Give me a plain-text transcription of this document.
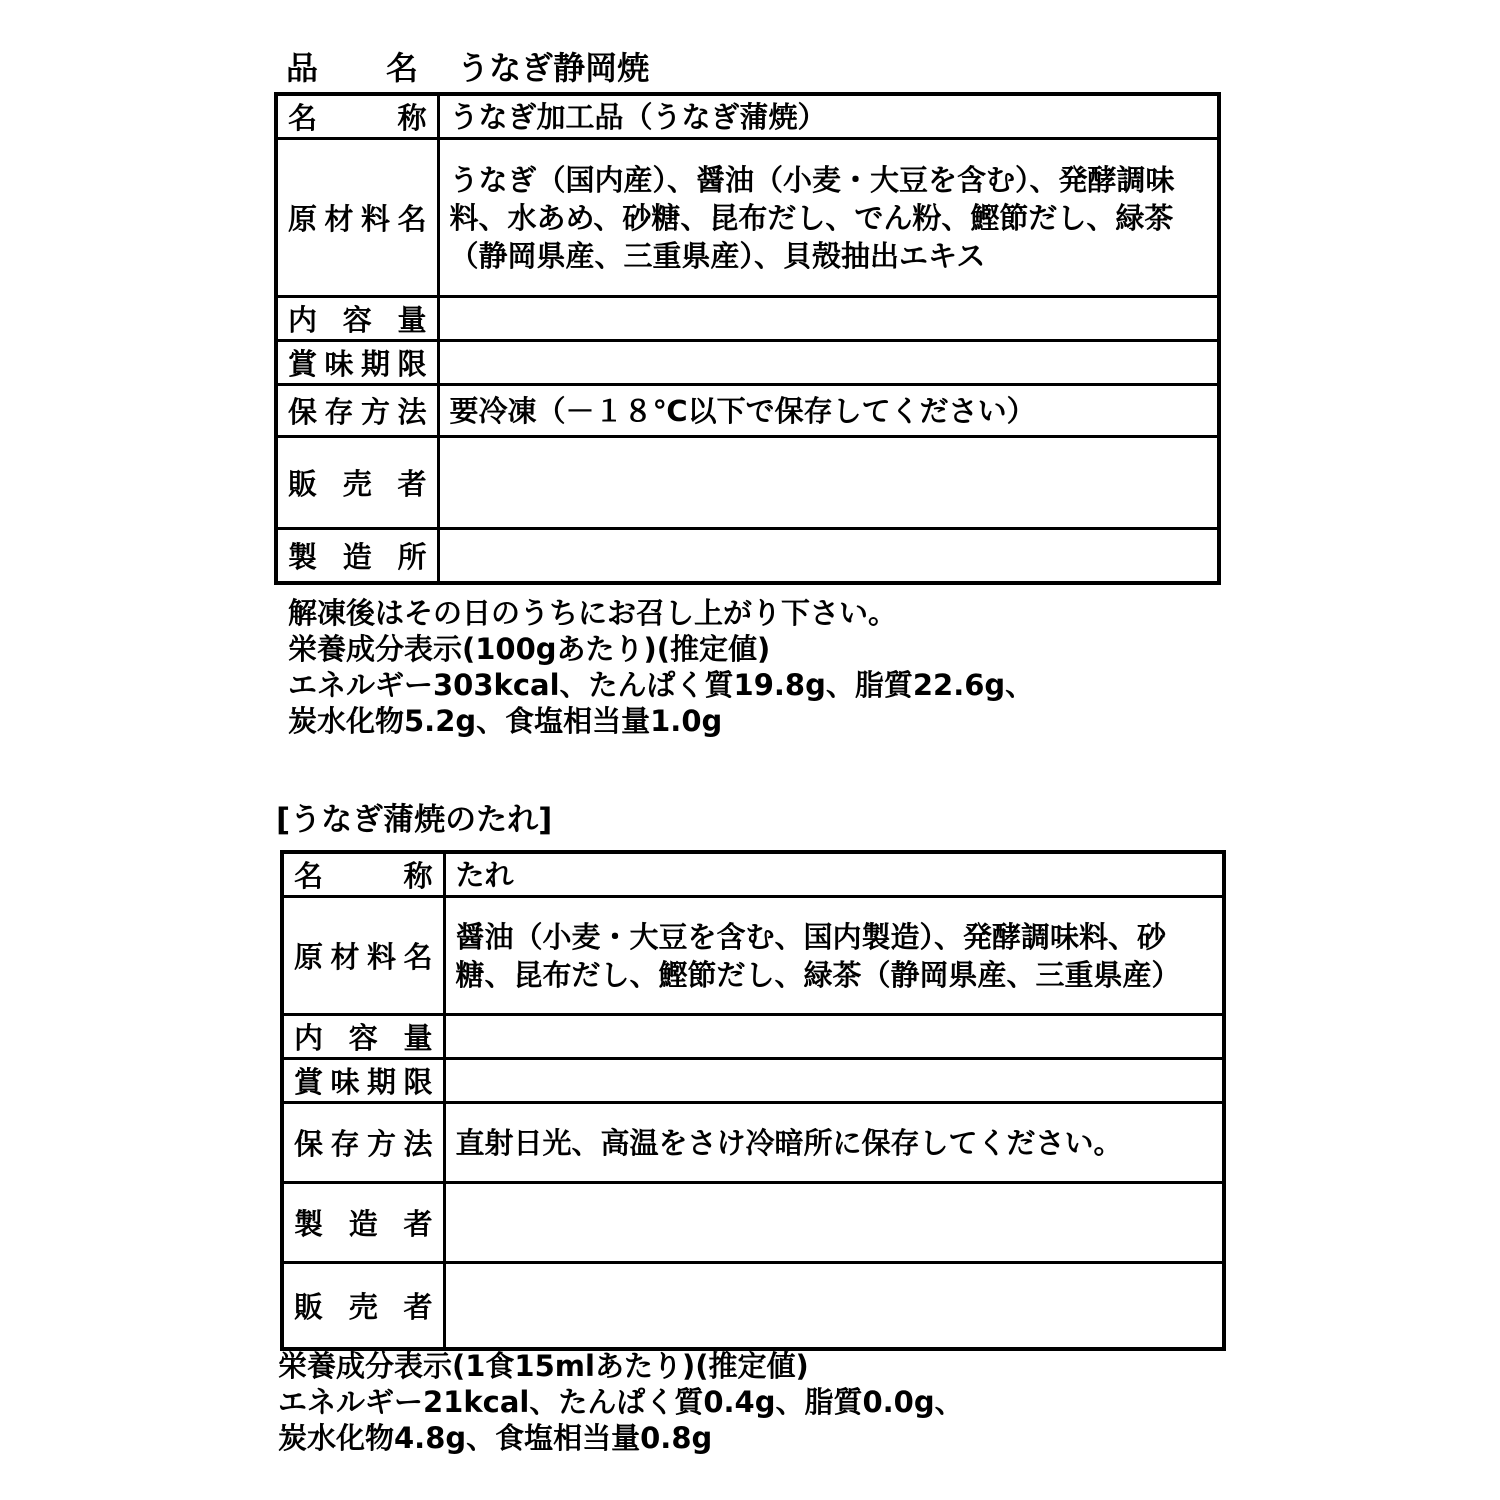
品名 うなぎ静岡焼
名称	うなぎ加工品（うなぎ蒲焼）
原材料名	うなぎ（国内産）、醤油（小麦・大豆を含む）、発酵調味料、水あめ、砂糖、昆布だし、でん粉、鰹節だし、緑茶（静岡県産、三重県産）、貝殻抽出エキス
内容量	
賞味期限	
保存方法	要冷凍（－１８℃以下で保存してください）
販売者	
製造所	
解凍後はその日のうちにお召し上がり下さい。
栄養成分表示(100gあたり)(推定値)
エネルギー303kcal、たんぱく質19.8g、脂質22.6g、
炭水化物5.2g、食塩相当量1.0g
[うなぎ蒲焼のたれ]
名称	たれ
原材料名	醤油（小麦・大豆を含む、国内製造）、発酵調味料、砂糖、昆布だし、鰹節だし、緑茶（静岡県産、三重県産）
内容量	
賞味期限	
保存方法	直射日光、高温をさけ冷暗所に保存してください。
製造者	
販売者	
栄養成分表示(1食15mlあたり)(推定値)
エネルギー21kcal、たんぱく質0.4g、脂質0.0g、
炭水化物4.8g、食塩相当量0.8g
